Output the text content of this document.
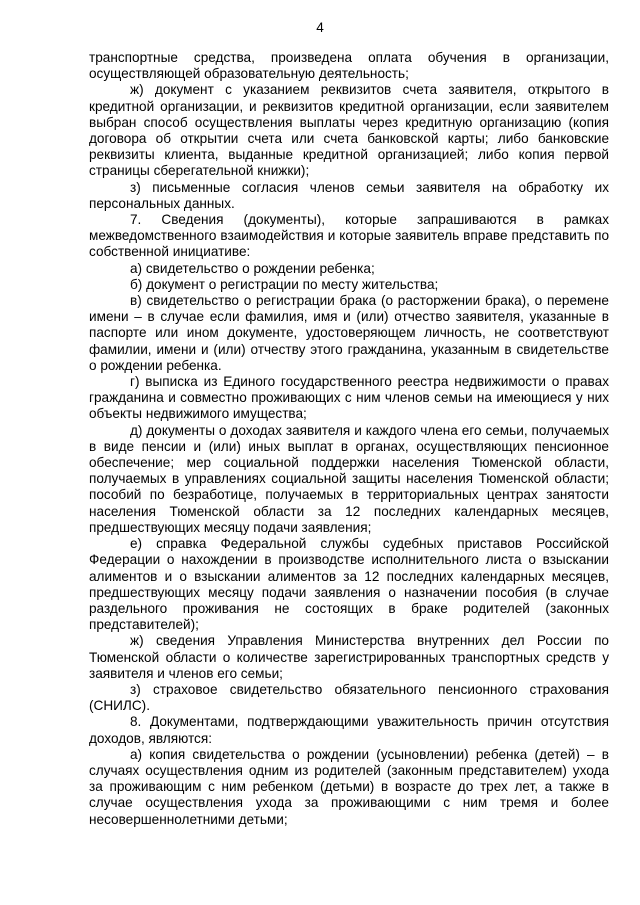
4

транспортные средства, произведена оплата обучения в организации, осуществляющей образовательную деятельность;

ж) документ с указанием реквизитов счета заявителя, открытого в кредитной организации, и реквизитов кредитной организации, если заявителем выбран способ осуществления выплаты через кредитную организацию (копия договора об открытии счета или счета банковской карты; либо банковские реквизиты клиента, выданные кредитной организацией; либо копия первой страницы сберегательной книжки);

з) письменные согласия членов семьи заявителя на обработку их персональных данных.

7. Сведения (документы), которые запрашиваются в рамках межведомственного взаимодействия и которые заявитель вправе представить по собственной инициативе:

а) свидетельство о рождении ребенка;

б) документ о регистрации по месту жительства;

в) свидетельство о регистрации брака (о расторжении брака), о перемене имени – в случае если фамилия, имя и (или) отчество заявителя, указанные в паспорте или ином документе, удостоверяющем личность, не соответствуют фамилии, имени и (или) отчеству этого гражданина, указанным в свидетельстве о рождении ребенка.

г) выписка из Единого государственного реестра недвижимости о правах гражданина и совместно проживающих с ним членов семьи на имеющиеся у них объекты недвижимого имущества;

д) документы о доходах заявителя и каждого члена его семьи, получаемых в виде пенсии и (или) иных выплат в органах, осуществляющих пенсионное обеспечение; мер социальной поддержки населения Тюменской области, получаемых в управлениях социальной защиты населения Тюменской области; пособий по безработице, получаемых в территориальных центрах занятости населения Тюменской области за 12 последних календарных месяцев, предшествующих месяцу подачи заявления;

е) справка Федеральной службы судебных приставов Российской Федерации о нахождении в производстве исполнительного листа о взыскании алиментов и о взыскании алиментов за 12 последних календарных месяцев, предшествующих месяцу подачи заявления о назначении пособия (в случае раздельного проживания не состоящих в браке родителей (законных представителей);

ж) сведения Управления Министерства внутренних дел России по Тюменской области о количестве зарегистрированных транспортных средств у заявителя и членов его семьи;

з) страховое свидетельство обязательного пенсионного страхования (СНИЛС).

8. Документами, подтверждающими уважительность причин отсутствия доходов, являются:

а) копия свидетельства о рождении (усыновлении) ребенка (детей) – в случаях осуществления одним из родителей (законным представителем) ухода за проживающим с ним ребенком (детьми) в возрасте до трех лет, а также в случае осуществления ухода за проживающими с ним тремя и более несовершеннолетними детьми;
